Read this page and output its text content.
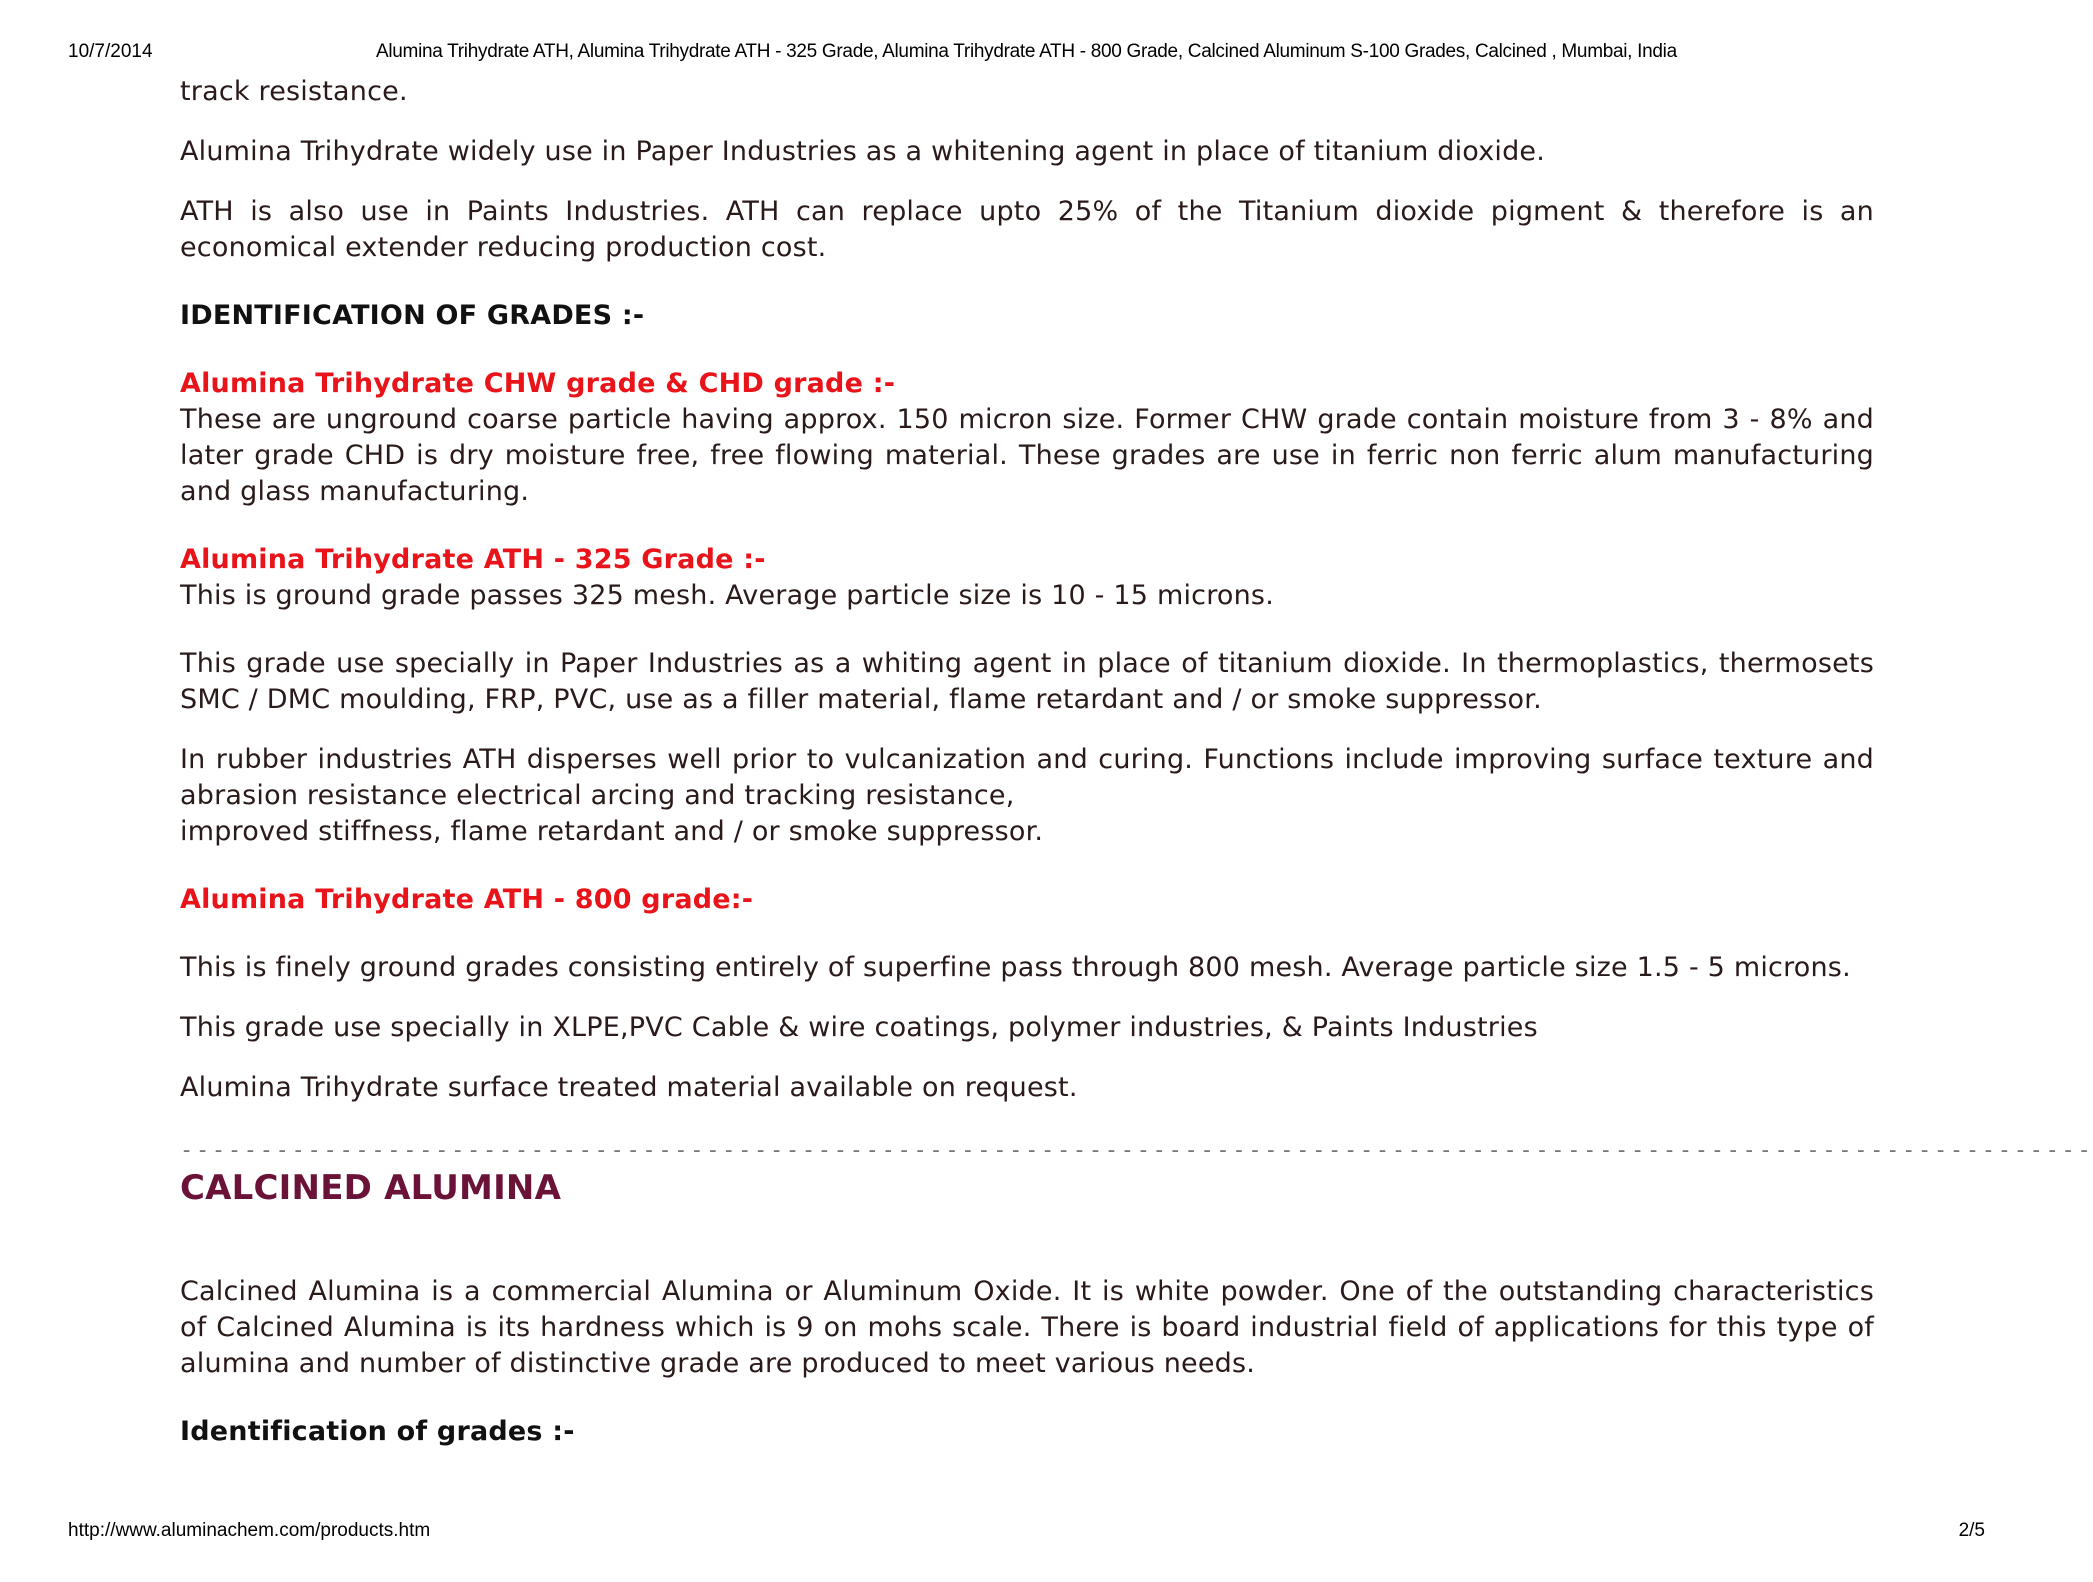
10/7/2014	Alumina Trihydrate ATH, Alumina Trihydrate ATH - 325 Grade, Alumina Trihydrate ATH - 800 Grade, Calcined Aluminum S-100 Grades, Calcined , Mumbai, India

track resistance.

Alumina Trihydrate widely use in Paper Industries as a whitening agent in place of titanium dioxide.

ATH is also use in Paints Industries. ATH can replace upto 25% of the Titanium dioxide pigment & therefore is an economical extender reducing production cost.

IDENTIFICATION OF GRADES :-

Alumina Trihydrate CHW grade & CHD grade :-

These are unground coarse particle having approx. 150 micron size. Former CHW grade contain moisture from 3 - 8% and later grade CHD is dry moisture free, free flowing material. These grades are use in ferric non ferric alum manufacturing and glass manufacturing.

Alumina Trihydrate ATH - 325 Grade :-

This is ground grade passes 325 mesh. Average particle size is 10 - 15 microns.

This grade use specially in Paper Industries as a whiting agent in place of titanium dioxide. In thermoplastics, thermosets SMC / DMC moulding, FRP, PVC, use as a filler material, flame retardant and / or smoke suppressor.

In rubber industries ATH disperses well prior to vulcanization and curing. Functions include improving surface texture and abrasion resistance electrical arcing and tracking resistance,

improved stiffness, flame retardant and / or smoke suppressor.

Alumina Trihydrate ATH - 800 grade:-

This is finely ground grades consisting entirely of superfine pass through 800 mesh. Average particle size 1.5 - 5 microns.

This grade use specially in XLPE,PVC Cable & wire coatings, polymer industries, & Paints Industries

Alumina Trihydrate surface treated material available on request.

------------------------------------------------------------------------------------------------------------------------

CALCINED ALUMINA

Calcined Alumina is a commercial Alumina or Aluminum Oxide. It is white powder. One of the outstanding characteristics of Calcined Alumina is its hardness which is 9 on mohs scale. There is board industrial field of applications for this type of alumina and number of distinctive grade are produced to meet various needs.

Identification of grades :-

http://www.aluminachem.com/products.htm	2/5
